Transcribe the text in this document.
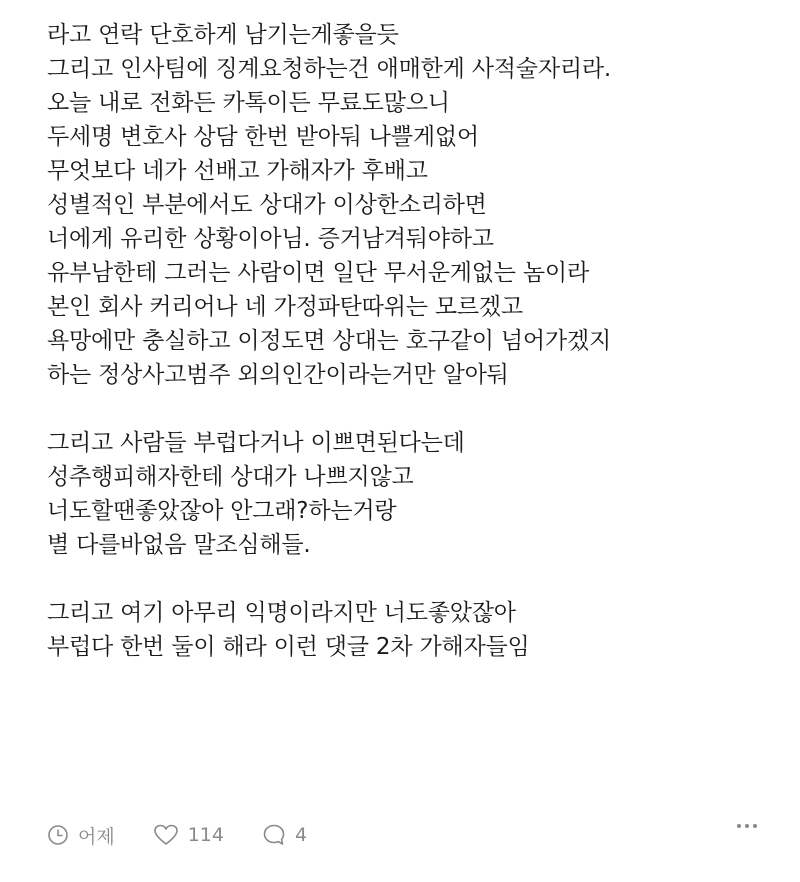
라고 연락 단호하게 남기는게좋을듯
그리고 인사팀에 징계요청하는건 애매한게 사적술자리라.
오늘 내로 전화든 카톡이든 무료도많으니
두세명 변호사 상담 한번 받아둬 나쁠게없어
무엇보다 네가 선배고 가해자가 후배고
성별적인 부분에서도 상대가 이상한소리하면
너에게 유리한 상황이아님. 증거남겨둬야하고
유부남한테 그러는 사람이면 일단 무서운게없는 놈이라
본인 회사 커리어나 네 가정파탄따위는 모르겠고
욕망에만 충실하고 이정도면 상대는 호구같이 넘어가겠지
하는 정상사고범주 외의인간이라는거만 알아둬
그리고 사람들 부럽다거나 이쁘면된다는데
성추행피해자한테 상대가 나쁘지않고
너도할땐좋았잖아 안그래?하는거랑
별 다를바없음 말조심해들.
그리고 여기 아무리 익명이라지만 너도좋았잖아
부럽다 한번 둘이 해라 이런 댓글 2차 가해자들임
어제	114	4
